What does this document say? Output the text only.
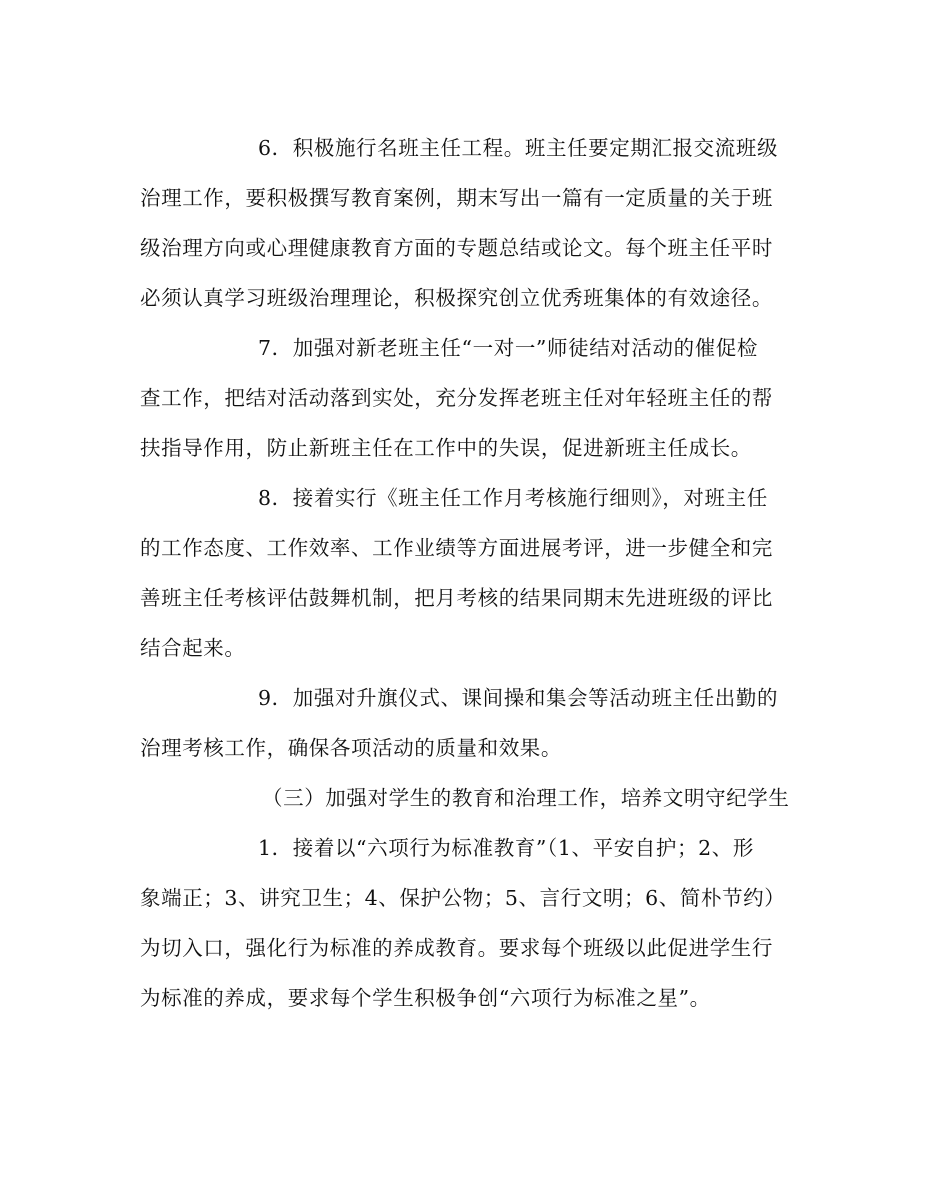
6．积极施行名班主任工程。班主任要定期汇报交流班级
治理工作，要积极撰写教育案例，期末写出一篇有一定质量的关于班
级治理方向或心理健康教育方面的专题总结或论文。每个班主任平时
必须认真学习班级治理理论，积极探究创立优秀班集体的有效途径。
7．加强对新老班主任“一对一”师徒结对活动的催促检
查工作，把结对活动落到实处，充分发挥老班主任对年轻班主任的帮
扶指导作用，防止新班主任在工作中的失误，促进新班主任成长。
8．接着实行《班主任工作月考核施行细则》，对班主任
的工作态度、工作效率、工作业绩等方面进展考评，进一步健全和完
善班主任考核评估鼓舞机制，把月考核的结果同期末先进班级的评比
结合起来。
9．加强对升旗仪式、课间操和集会等活动班主任出勤的
治理考核工作，确保各项活动的质量和效果。
（三）加强对学生的教育和治理工作，培养文明守纪学生
1．接着以“六项行为标准教育”（1、平安自护；2、形
象端正；3、讲究卫生；4、保护公物；5、言行文明；6、简朴节约）
为切入口，强化行为标准的养成教育。要求每个班级以此促进学生行
为标准的养成，要求每个学生积极争创“六项行为标准之星”。
